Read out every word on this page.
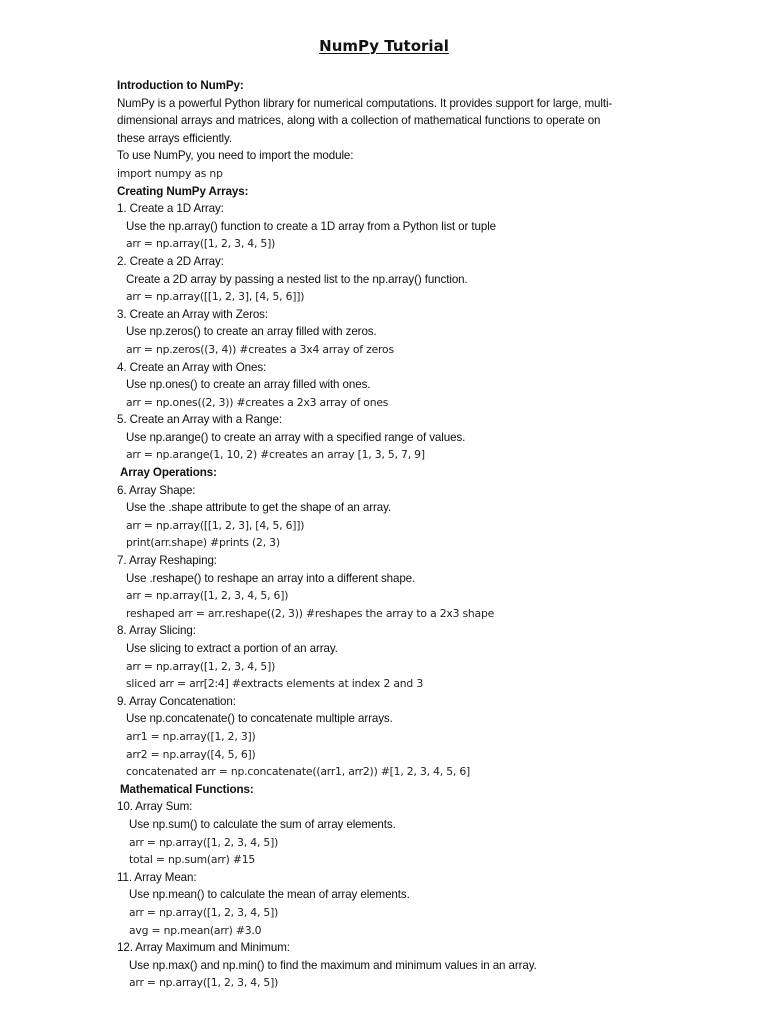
NumPy Tutorial
Introduction to NumPy:
NumPy is a powerful Python library for numerical computations. It provides support for large, multi-
dimensional arrays and matrices, along with a collection of mathematical functions to operate on
these arrays efficiently.
To use NumPy, you need to import the module:
import numpy as np
Creating NumPy Arrays:
1. Create a 1D Array:
Use the np.array() function to create a 1D array from a Python list or tuple
arr = np.array([1, 2, 3, 4, 5])
2. Create a 2D Array:
Create a 2D array by passing a nested list to the np.array() function.
arr = np.array([[1, 2, 3], [4, 5, 6]])
3. Create an Array with Zeros:
Use np.zeros() to create an array filled with zeros.
arr = np.zeros((3, 4)) #creates a 3x4 array of zeros
4. Create an Array with Ones:
Use np.ones() to create an array filled with ones.
arr = np.ones((2, 3)) #creates a 2x3 array of ones
5. Create an Array with a Range:
Use np.arange() to create an array with a specified range of values.
arr = np.arange(1, 10, 2) #creates an array [1, 3, 5, 7, 9]
Array Operations:
6. Array Shape:
Use the .shape attribute to get the shape of an array.
arr = np.array([[1, 2, 3], [4, 5, 6]])
print(arr.shape) #prints (2, 3)
7. Array Reshaping:
Use .reshape() to reshape an array into a different shape.
arr = np.array([1, 2, 3, 4, 5, 6])
reshaped arr = arr.reshape((2, 3)) #reshapes the array to a 2x3 shape
8. Array Slicing:
Use slicing to extract a portion of an array.
arr = np.array([1, 2, 3, 4, 5])
sliced arr = arr[2:4] #extracts elements at index 2 and 3
9. Array Concatenation:
Use np.concatenate() to concatenate multiple arrays.
arr1 = np.array([1, 2, 3])
arr2 = np.array([4, 5, 6])
concatenated arr = np.concatenate((arr1, arr2)) #[1, 2, 3, 4, 5, 6]
Mathematical Functions:
10. Array Sum:
Use np.sum() to calculate the sum of array elements.
arr = np.array([1, 2, 3, 4, 5])
total = np.sum(arr) #15
11. Array Mean:
Use np.mean() to calculate the mean of array elements.
arr = np.array([1, 2, 3, 4, 5])
avg = np.mean(arr) #3.0
12. Array Maximum and Minimum:
Use np.max() and np.min() to find the maximum and minimum values in an array.
arr = np.array([1, 2, 3, 4, 5])
